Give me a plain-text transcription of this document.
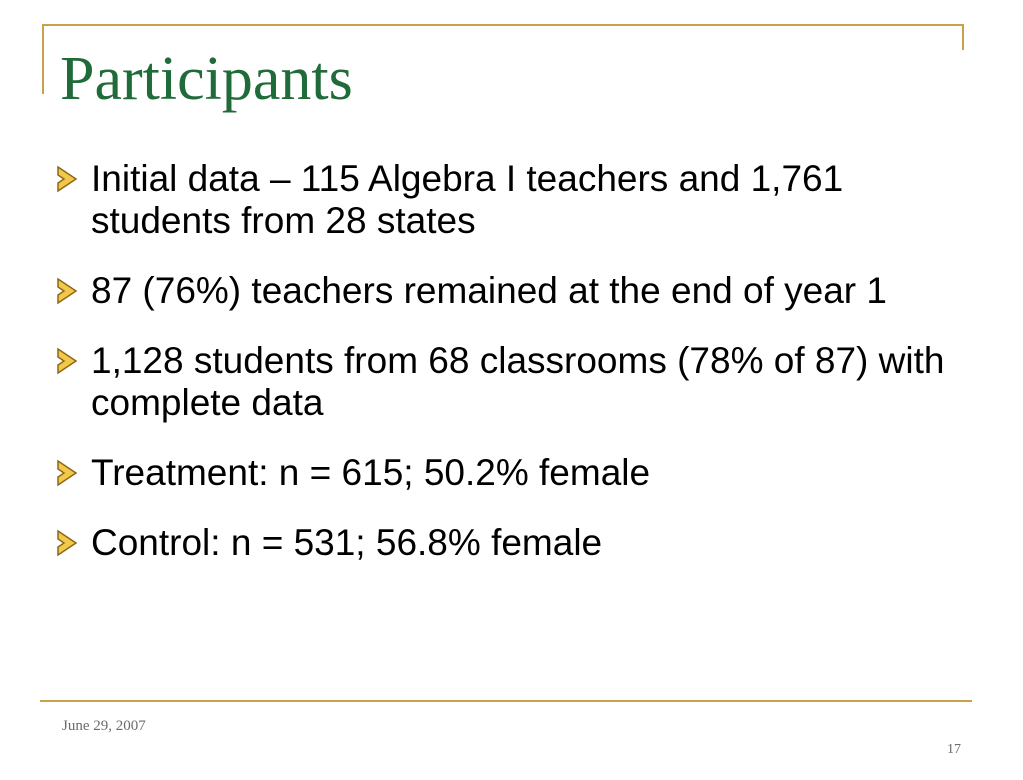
Participants
Initial data – 115 Algebra I teachers and 1,761 students from 28 states
87 (76%) teachers remained at the end of year 1
1,128 students from 68 classrooms (78% of 87) with complete data
Treatment: n = 615; 50.2% female
Control: n = 531; 56.8% female
June 29, 2007
17
